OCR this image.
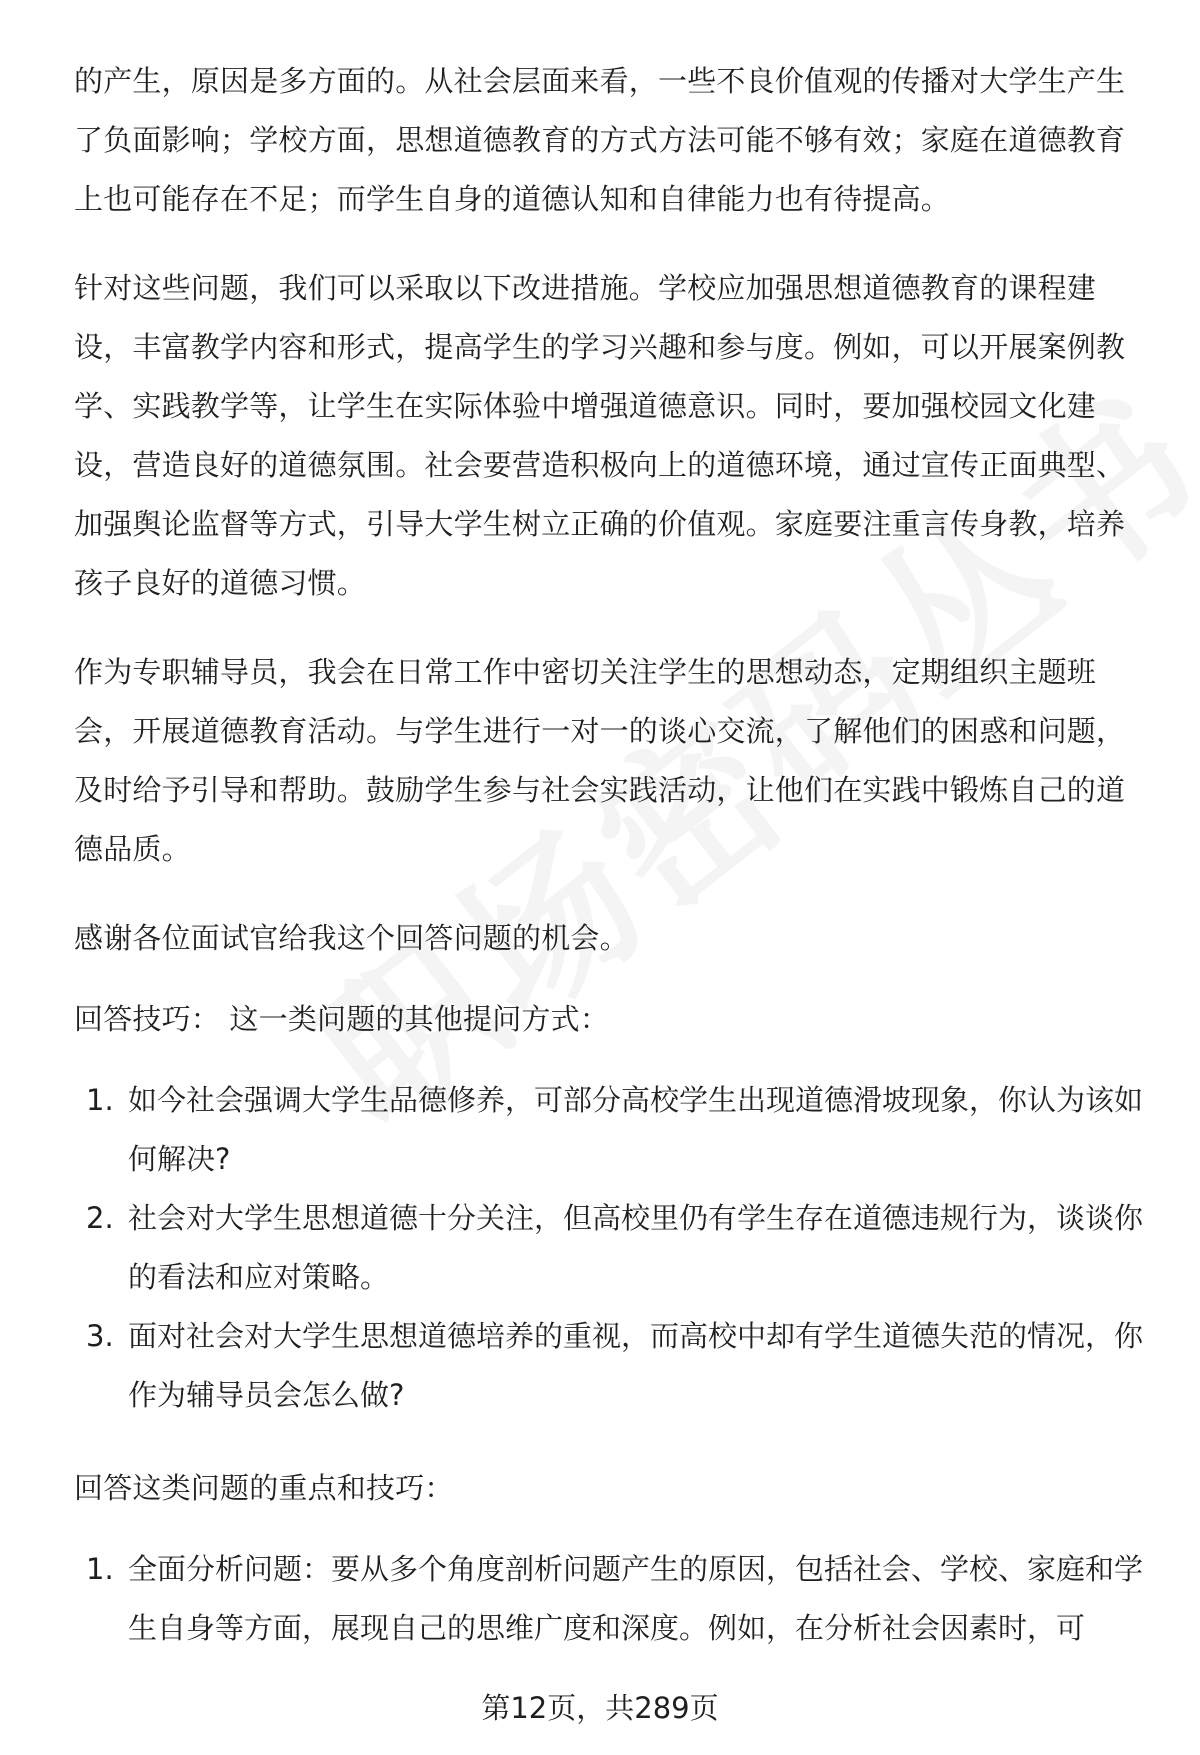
的产生，原因是多方面的。从社会层面来看，一些不良价值观的传播对大学生产生了负面影响；学校方面，思想道德教育的方式方法可能不够有效；家庭在道德教育上也可能存在不足；而学生自身的道德认知和自律能力也有待提高。

针对这些问题，我们可以采取以下改进措施。学校应加强思想道德教育的课程建设，丰富教学内容和形式，提高学生的学习兴趣和参与度。例如，可以开展案例教学、实践教学等，让学生在实际体验中增强道德意识。同时，要加强校园文化建设，营造良好的道德氛围。社会要营造积极向上的道德环境，通过宣传正面典型、加强舆论监督等方式，引导大学生树立正确的价值观。家庭要注重言传身教，培养孩子良好的道德习惯。

作为专职辅导员，我会在日常工作中密切关注学生的思想动态，定期组织主题班会，开展道德教育活动。与学生进行一对一的谈心交流，了解他们的困惑和问题，及时给予引导和帮助。鼓励学生参与社会实践活动，让他们在实践中锻炼自己的道德品质。

感谢各位面试官给我这个回答问题的机会。

回答技巧： 这一类问题的其他提问方式：

1. 如今社会强调大学生品德修养，可部分高校学生出现道德滑坡现象，你认为该如何解决?
2. 社会对大学生思想道德十分关注，但高校里仍有学生存在道德违规行为，谈谈你的看法和应对策略。
3. 面对社会对大学生思想道德培养的重视，而高校中却有学生道德失范的情况，你作为辅导员会怎么做?

回答这类问题的重点和技巧：

1. 全面分析问题：要从多个角度剖析问题产生的原因，包括社会、学校、家庭和学生自身等方面，展现自己的思维广度和深度。例如，在分析社会因素时，可
第12页，共289页
